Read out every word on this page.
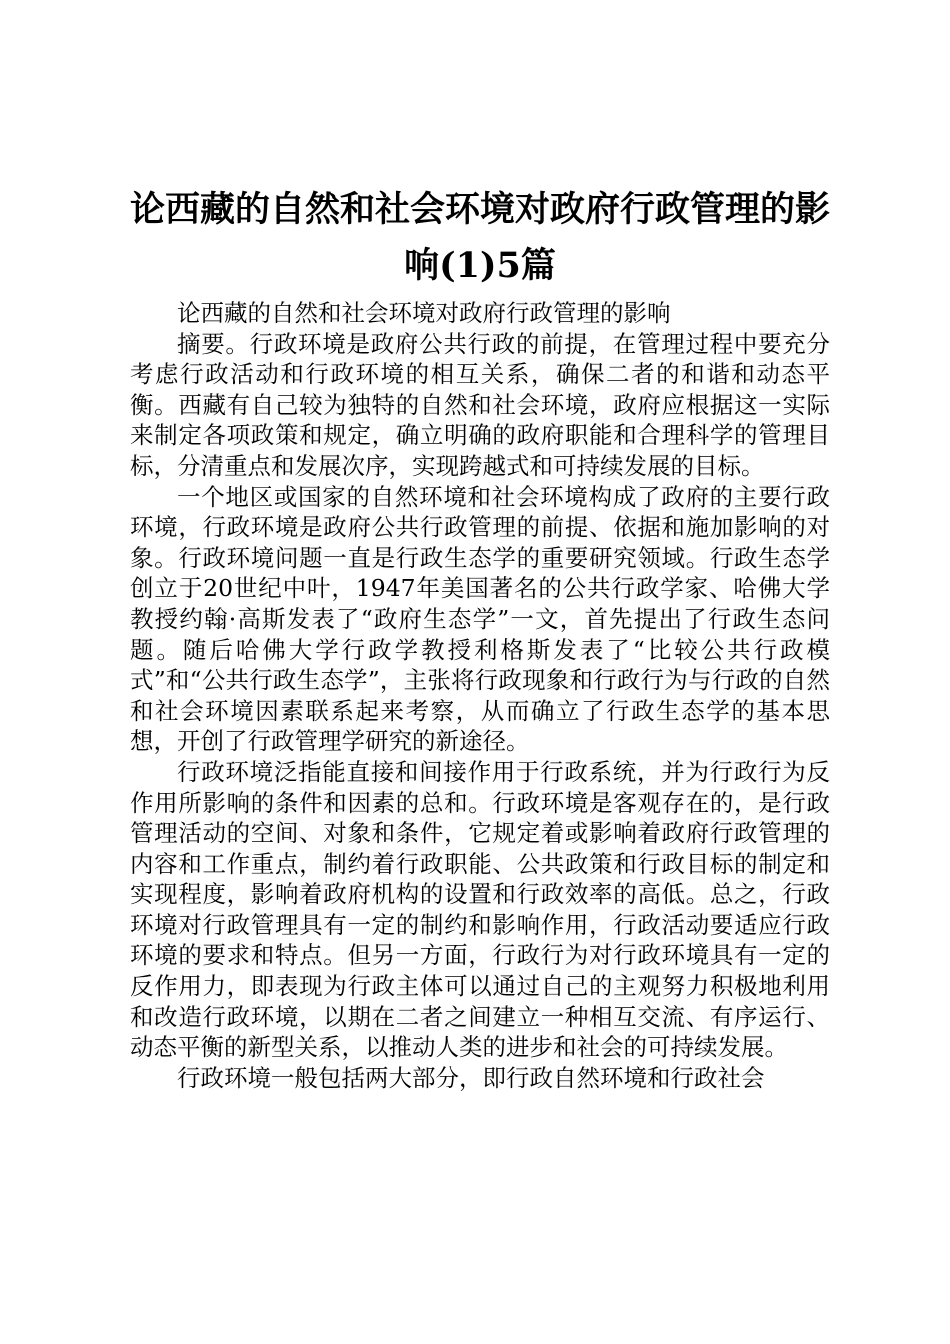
论西藏的自然和社会环境对政府行政管理的影
响(1)5篇

论西藏的自然和社会环境对政府行政管理的影响

摘要。行政环境是政府公共行政的前提，在管理过程中要充分考虑行政活动和行政环境的相互关系，确保二者的和谐和动态平衡。西藏有自己较为独特的自然和社会环境，政府应根据这一实际来制定各项政策和规定，确立明确的政府职能和合理科学的管理目标，分清重点和发展次序，实现跨越式和可持续发展的目标。

一个地区或国家的自然环境和社会环境构成了政府的主要行政环境，行政环境是政府公共行政管理的前提、依据和施加影响的对象。行政环境问题一直是行政生态学的重要研究领域。行政生态学创立于20世纪中叶，1947年美国著名的公共行政学家、哈佛大学教授约翰·高斯发表了“政府生态学”一文，首先提出了行政生态问题。随后哈佛大学行政学教授利格斯发表了“比较公共行政模式”和“公共行政生态学”，主张将行政现象和行政行为与行政的自然和社会环境因素联系起来考察，从而确立了行政生态学的基本思想，开创了行政管理学研究的新途径。

行政环境泛指能直接和间接作用于行政系统，并为行政行为反作用所影响的条件和因素的总和。行政环境是客观存在的，是行政管理活动的空间、对象和条件，它规定着或影响着政府行政管理的内容和工作重点，制约着行政职能、公共政策和行政目标的制定和实现程度，影响着政府机构的设置和行政效率的高低。总之，行政环境对行政管理具有一定的制约和影响作用，行政活动要适应行政环境的要求和特点。但另一方面，行政行为对行政环境具有一定的反作用力，即表现为行政主体可以通过自己的主观努力积极地利用和改造行政环境，以期在二者之间建立一种相互交流、有序运行、动态平衡的新型关系，以推动人类的进步和社会的可持续发展。

行政环境一般包括两大部分，即行政自然环境和行政社会
